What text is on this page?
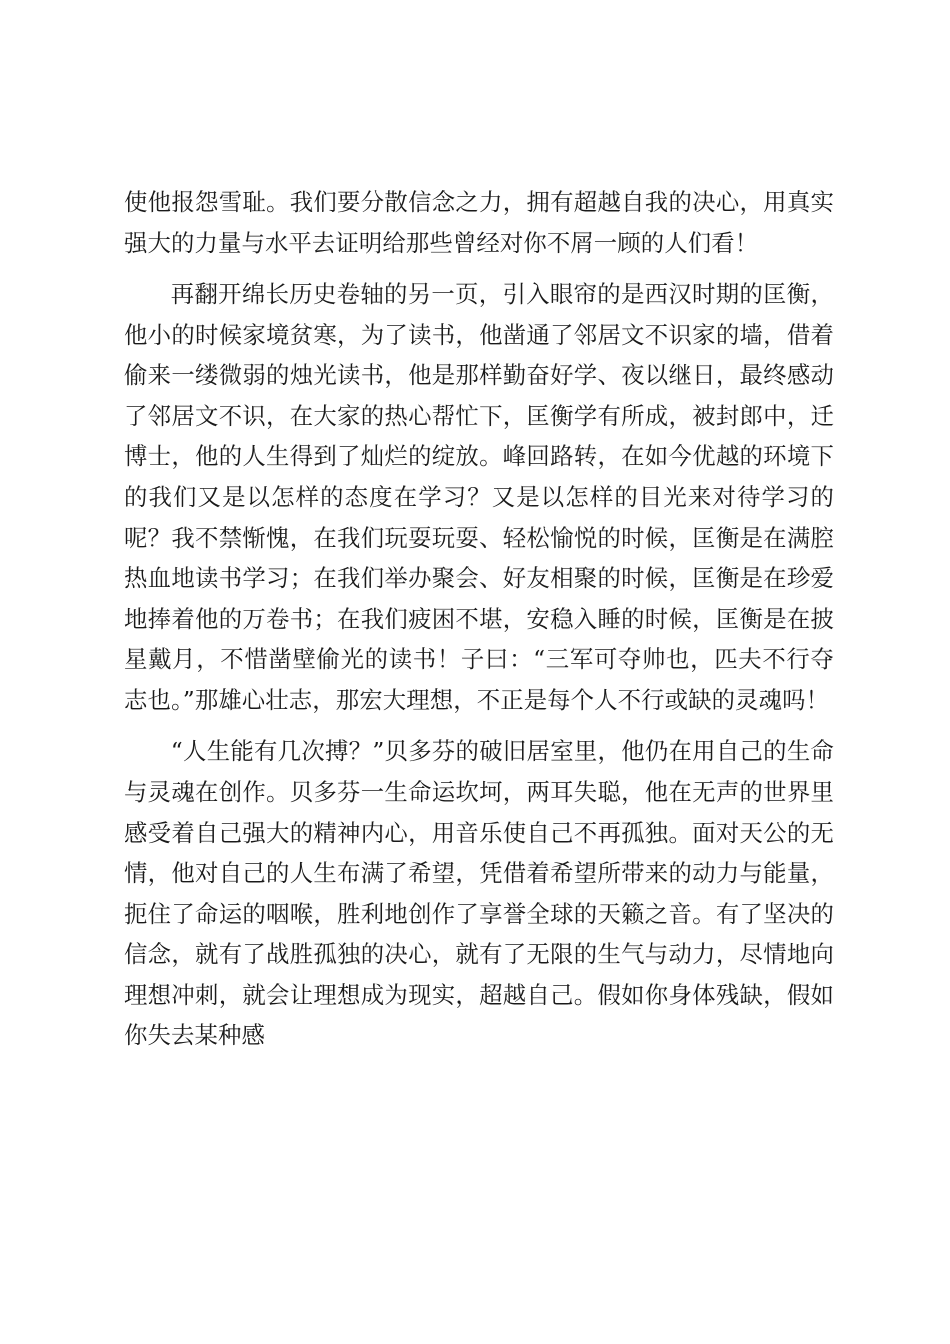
使他报怨雪耻。我们要分散信念之力，拥有超越自我的决心，用真实强大的力量与水平去证明给那些曾经对你不屑一顾的人们看！

再翻开绵长历史卷轴的另一页，引入眼帘的是西汉时期的匡衡，他小的时候家境贫寒，为了读书，他凿通了邻居文不识家的墙，借着偷来一缕微弱的烛光读书，他是那样勤奋好学、夜以继日，最终感动了邻居文不识，在大家的热心帮忙下，匡衡学有所成，被封郎中，迁博士，他的人生得到了灿烂的绽放。峰回路转，在如今优越的环境下的我们又是以怎样的态度在学习？又是以怎样的目光来对待学习的呢？我不禁惭愧，在我们玩耍玩耍、轻松愉悦的时候，匡衡是在满腔热血地读书学习；在我们举办聚会、好友相聚的时候，匡衡是在珍爱地捧着他的万卷书；在我们疲困不堪，安稳入睡的时候，匡衡是在披星戴月，不惜凿壁偷光的读书！子曰：“三军可夺帅也，匹夫不行夺志也。”那雄心壮志，那宏大理想，不正是每个人不行或缺的灵魂吗！

“人生能有几次搏？”贝多芬的破旧居室里，他仍在用自己的生命与灵魂在创作。贝多芬一生命运坎坷，两耳失聪，他在无声的世界里感受着自己强大的精神内心，用音乐使自己不再孤独。面对天公的无情，他对自己的人生布满了希望，凭借着希望所带来的动力与能量，扼住了命运的咽喉，胜利地创作了享誉全球的天籁之音。有了坚决的信念，就有了战胜孤独的决心，就有了无限的生气与动力，尽情地向理想冲刺，就会让理想成为现实，超越自己。假如你身体残缺，假如你失去某种感
